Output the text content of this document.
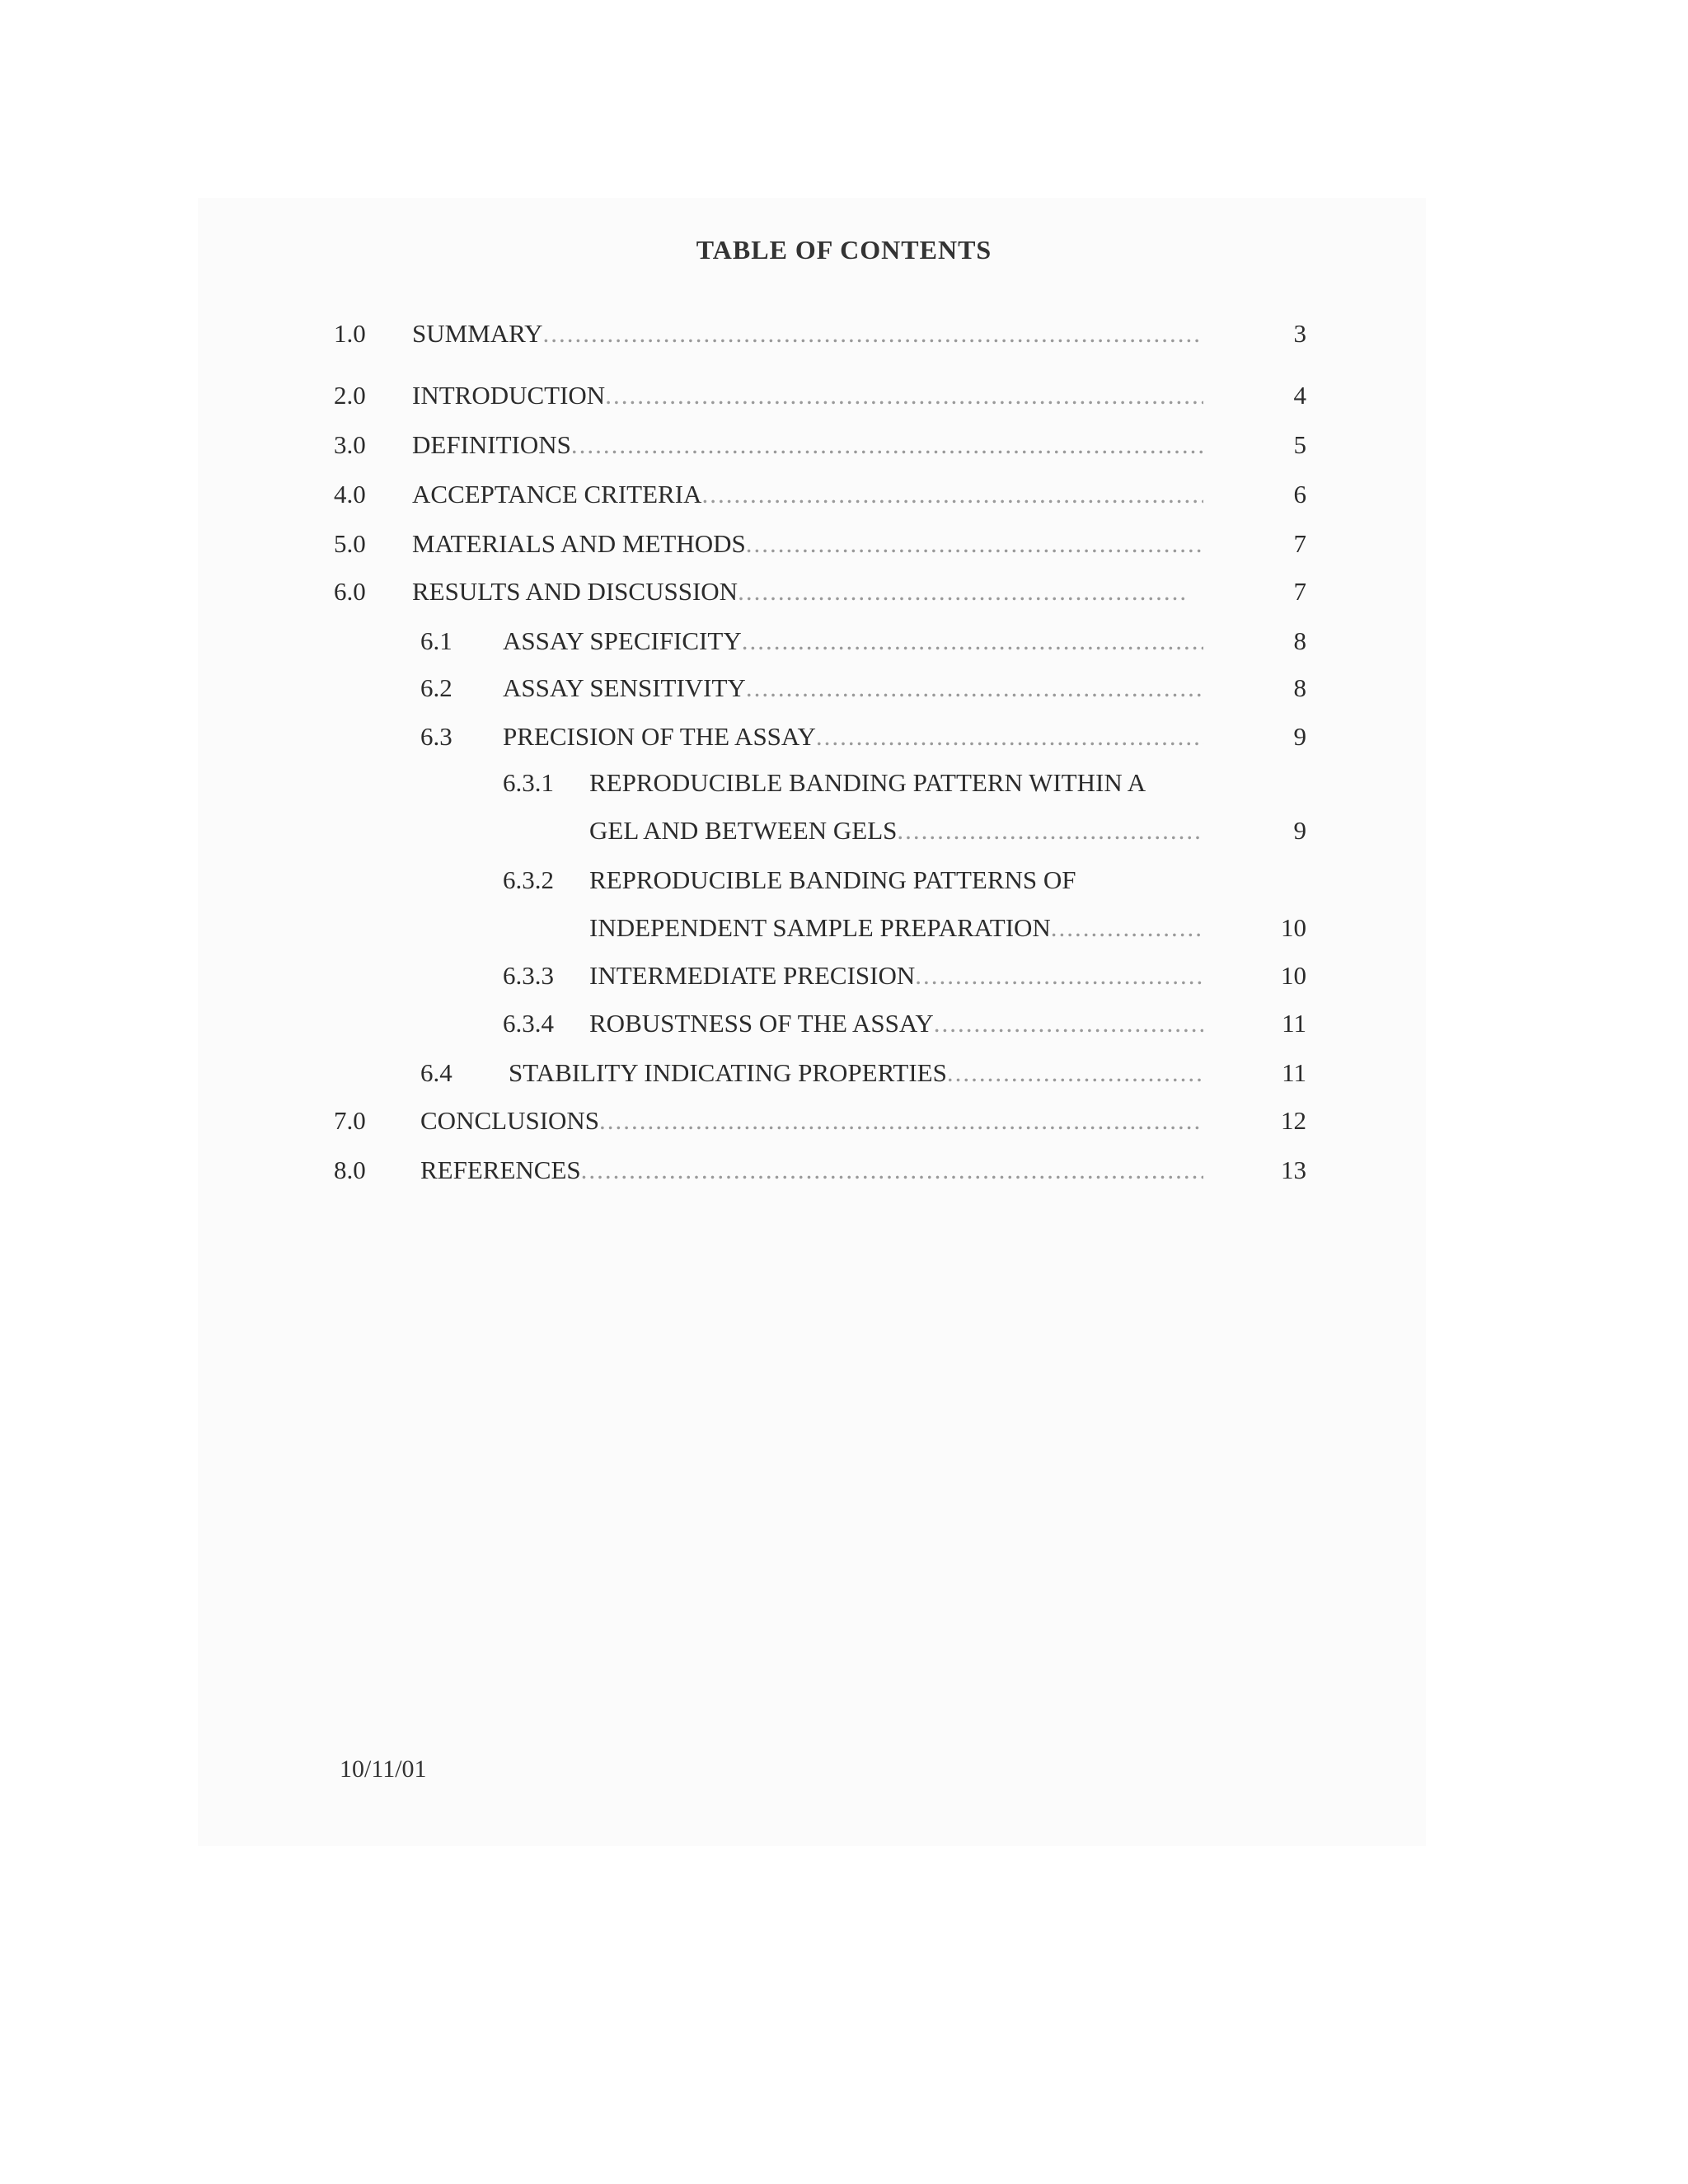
TABLE OF CONTENTS
1.0 SUMMARY .....	3
2.0 INTRODUCTION .....	4
3.0 DEFINITIONS .....	5
4.0 ACCEPTANCE CRITERIA .....	6
5.0 MATERIALS AND METHODS .....	7
6.0 RESULTS AND DISCUSSION .....	7
6.1 ASSAY SPECIFICITY .....	8
6.2 ASSAY SENSITIVITY .....	8
6.3 PRECISION OF THE ASSAY .....	9
6.3.1 REPRODUCIBLE BANDING PATTERN WITHIN A
GEL AND BETWEEN GELS .....	9
6.3.2 REPRODUCIBLE BANDING PATTERNS OF
INDEPENDENT SAMPLE PREPARATION .....	10
6.3.3 INTERMEDIATE PRECISION .....	10
6.3.4 ROBUSTNESS OF THE ASSAY .....	11
6.4 STABILITY INDICATING PROPERTIES .....	11
7.0 CONCLUSIONS .....	12
8.0 REFERENCES .....	13
10/11/01
